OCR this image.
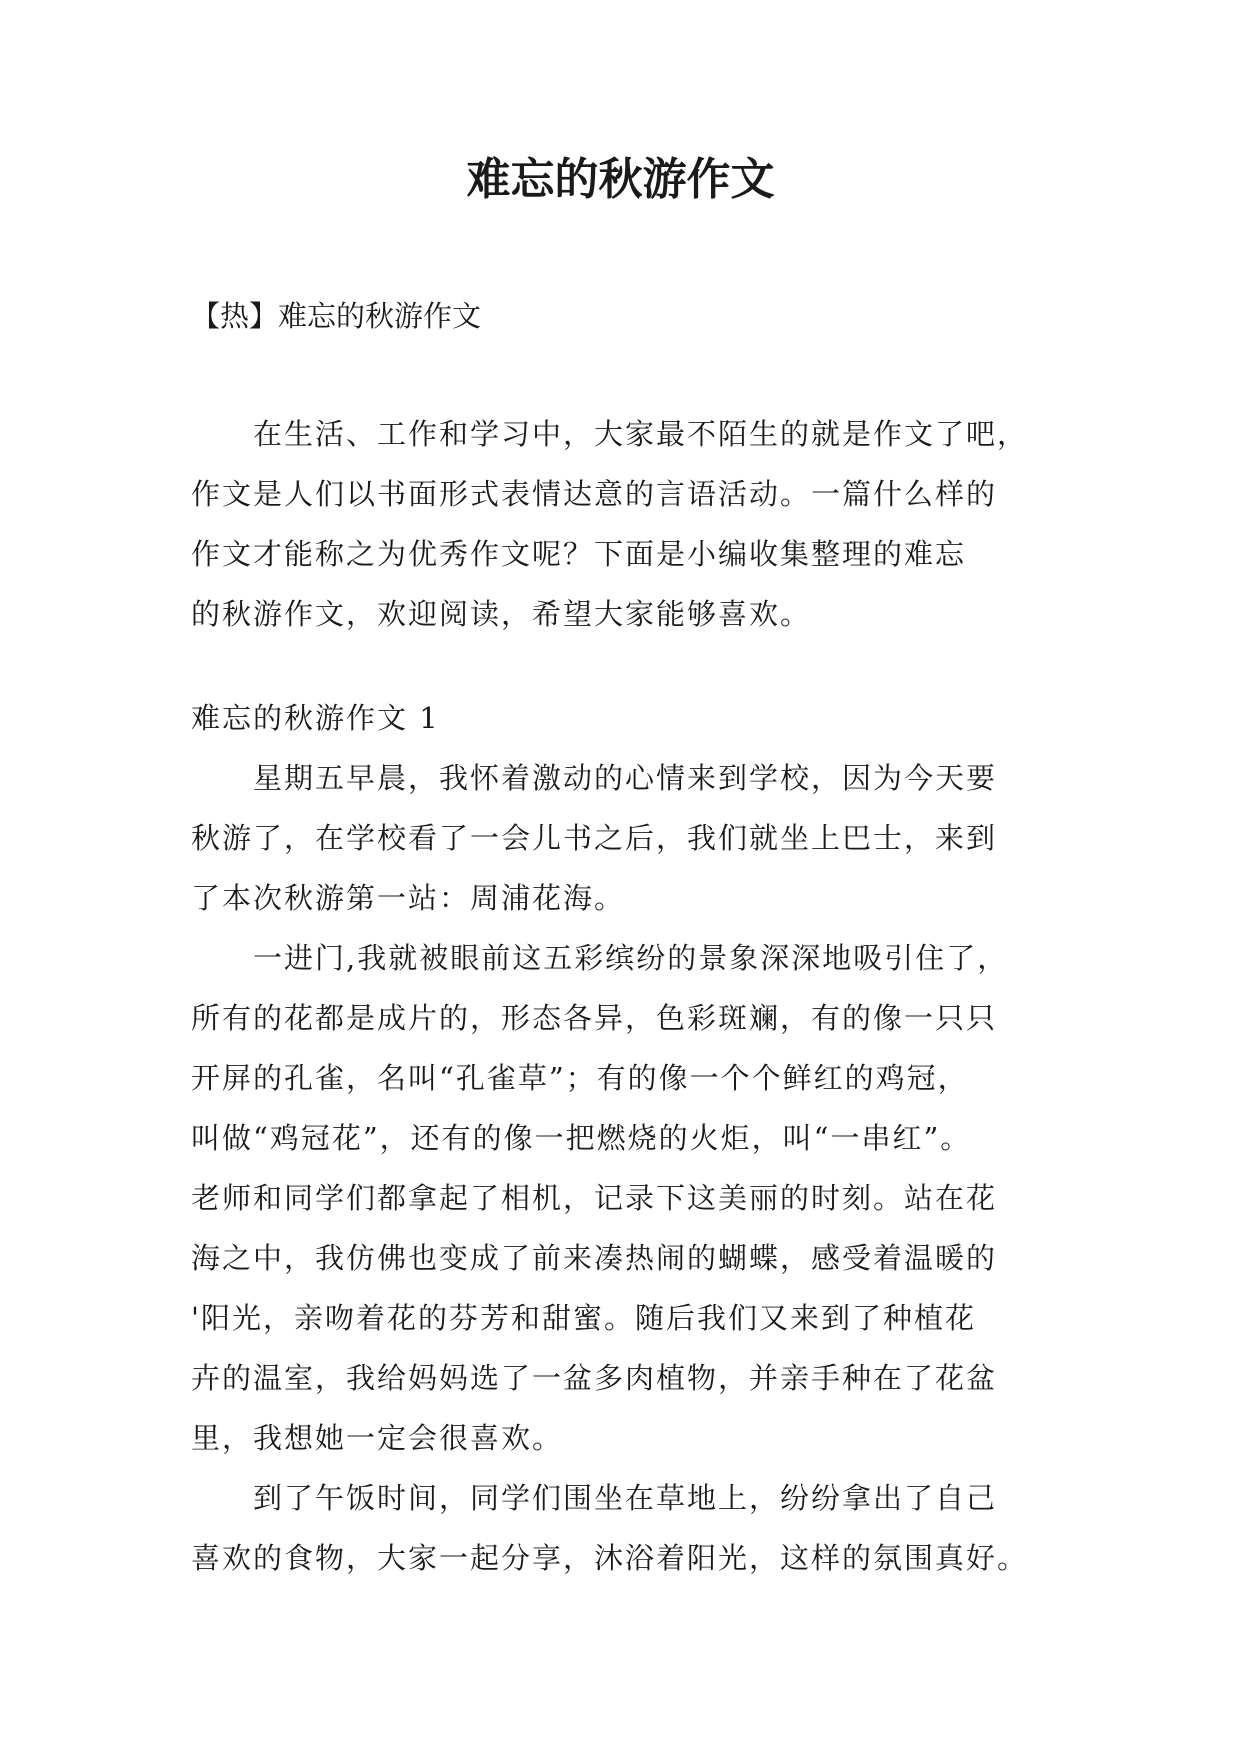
难忘的秋游作文

【热】难忘的秋游作文

在生活、工作和学习中，大家最不陌生的就是作文了吧，
作文是人们以书面形式表情达意的言语活动。一篇什么样的
作文才能称之为优秀作文呢？下面是小编收集整理的难忘
的秋游作文，欢迎阅读，希望大家能够喜欢。

难忘的秋游作文 1

星期五早晨，我怀着激动的心情来到学校，因为今天要
秋游了，在学校看了一会儿书之后，我们就坐上巴士，来到
了本次秋游第一站：周浦花海。
一进门,我就被眼前这五彩缤纷的景象深深地吸引住了，
所有的花都是成片的，形态各异，色彩斑斓，有的像一只只
开屏的孔雀，名叫“孔雀草”；有的像一个个鲜红的鸡冠，
叫做“鸡冠花”，还有的像一把燃烧的火炬，叫“一串红”。
老师和同学们都拿起了相机，记录下这美丽的时刻。站在花
海之中，我仿佛也变成了前来凑热闹的蝴蝶，感受着温暖的
'阳光，亲吻着花的芬芳和甜蜜。随后我们又来到了种植花
卉的温室，我给妈妈选了一盆多肉植物，并亲手种在了花盆
里，我想她一定会很喜欢。
到了午饭时间，同学们围坐在草地上，纷纷拿出了自己
喜欢的食物，大家一起分享，沐浴着阳光，这样的氛围真好。
